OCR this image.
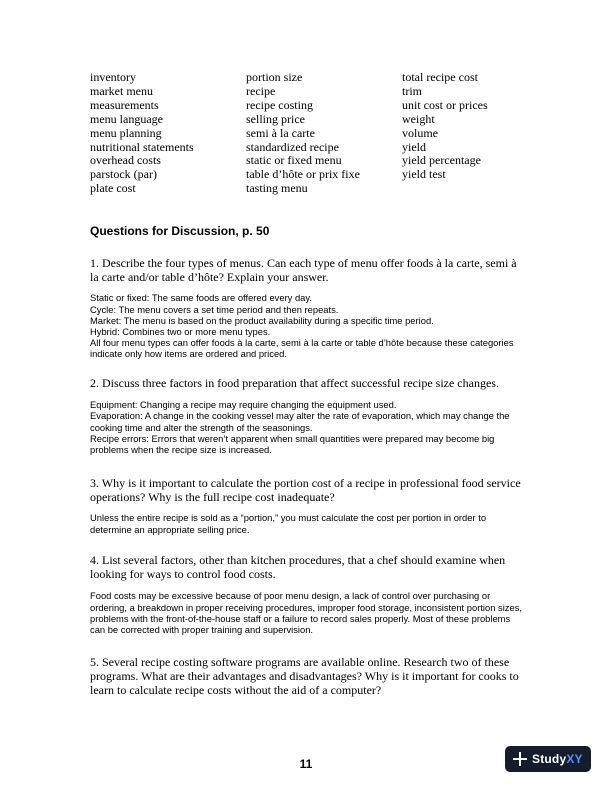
inventory
market menu
measurements
menu language
menu planning
nutritional statements
overhead costs
parstock (par)
plate cost
portion size
recipe
recipe costing
selling price
semi à la carte
standardized recipe
static or fixed menu
table d’hôte or prix fixe
tasting menu
total recipe cost
trim
unit cost or prices
weight
volume
yield
yield percentage
yield test
Questions for Discussion, p. 50
1. Describe the four types of menus. Can each type of menu offer foods à la carte, semi à la carte and/or table d’hôte? Explain your answer.
Static or fixed: The same foods are offered every day.
Cycle: The menu covers a set time period and then repeats.
Market: The menu is based on the product availability during a specific time period.
Hybrid: Combines two or more menu types.
All four menu types can offer foods à la carte, semi à la carte or table d’hôte because these categories indicate only how items are ordered and priced.
2. Discuss three factors in food preparation that affect successful recipe size changes.
Equipment: Changing a recipe may require changing the equipment used.
Evaporation: A change in the cooking vessel may alter the rate of evaporation, which may change the cooking time and alter the strength of the seasonings.
Recipe errors: Errors that weren’t apparent when small quantities were prepared may become big problems when the recipe size is increased.
3. Why is it important to calculate the portion cost of a recipe in professional food service operations? Why is the full recipe cost inadequate?
Unless the entire recipe is sold as a “portion,” you must calculate the cost per portion in order to determine an appropriate selling price.
4. List several factors, other than kitchen procedures, that a chef should examine when looking for ways to control food costs.
Food costs may be excessive because of poor menu design, a lack of control over purchasing or ordering, a breakdown in proper receiving procedures, improper food storage, inconsistent portion sizes, problems with the front-of-the-house staff or a failure to record sales properly. Most of these problems can be corrected with proper training and supervision.
5. Several recipe costing software programs are available online. Research two of these programs. What are their advantages and disadvantages? Why is it important for cooks to learn to calculate recipe costs without the aid of a computer?
11	StudyXY
